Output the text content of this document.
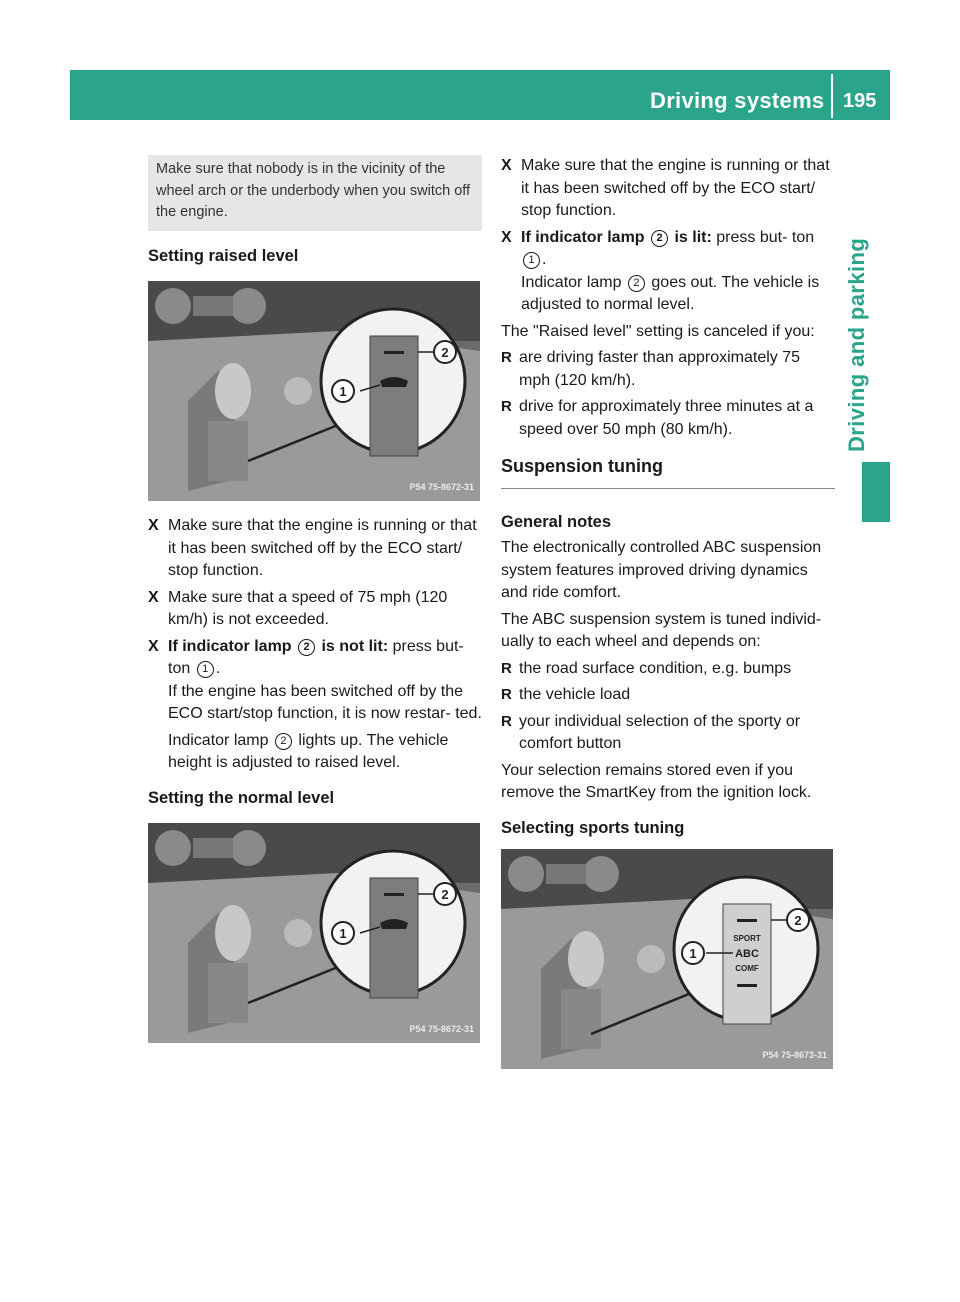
Driving systems 195
Driving and parking
Make sure that nobody is in the vicinity of the wheel arch or the underbody when you switch off the engine.
Setting raised level
2
1
P54 75-8672-31
X Make sure that the engine is running or that it has been switched off by the ECO start/ stop function.
X Make sure that a speed of 75 mph (120 km/h) is not exceeded.
X If indicator lamp 2 is not lit: press but- ton 1 .
If the engine has been switched off by the ECO start/stop function, it is now restar- ted.
Indicator lamp 2 lights up. The vehicle height is adjusted to raised level.
Setting the normal level
2
1
P54 75-8672-31
X Make sure that the engine is running or that it has been switched off by the ECO start/ stop function.
X If indicator lamp 2 is lit: press but- ton 1 .
Indicator lamp 2 goes out. The vehicle is adjusted to normal level.
The "Raised level" setting is canceled if you:
R are driving faster than approximately 75 mph (120 km/h).
R drive for approximately three minutes at a speed over 50 mph (80 km/h).
Suspension tuning
General notes
The electronically controlled ABC suspension system features improved driving dynamics and ride comfort.
The ABC suspension system is tuned individ- ually to each wheel and depends on:
R the road surface condition, e.g. bumps
R the vehicle load
R your individual selection of the sporty or comfort button
Your selection remains stored even if you remove the SmartKey from the ignition lock.
Selecting sports tuning
SPORT
ABC
COMF
2
1
P54 75-8673-31
